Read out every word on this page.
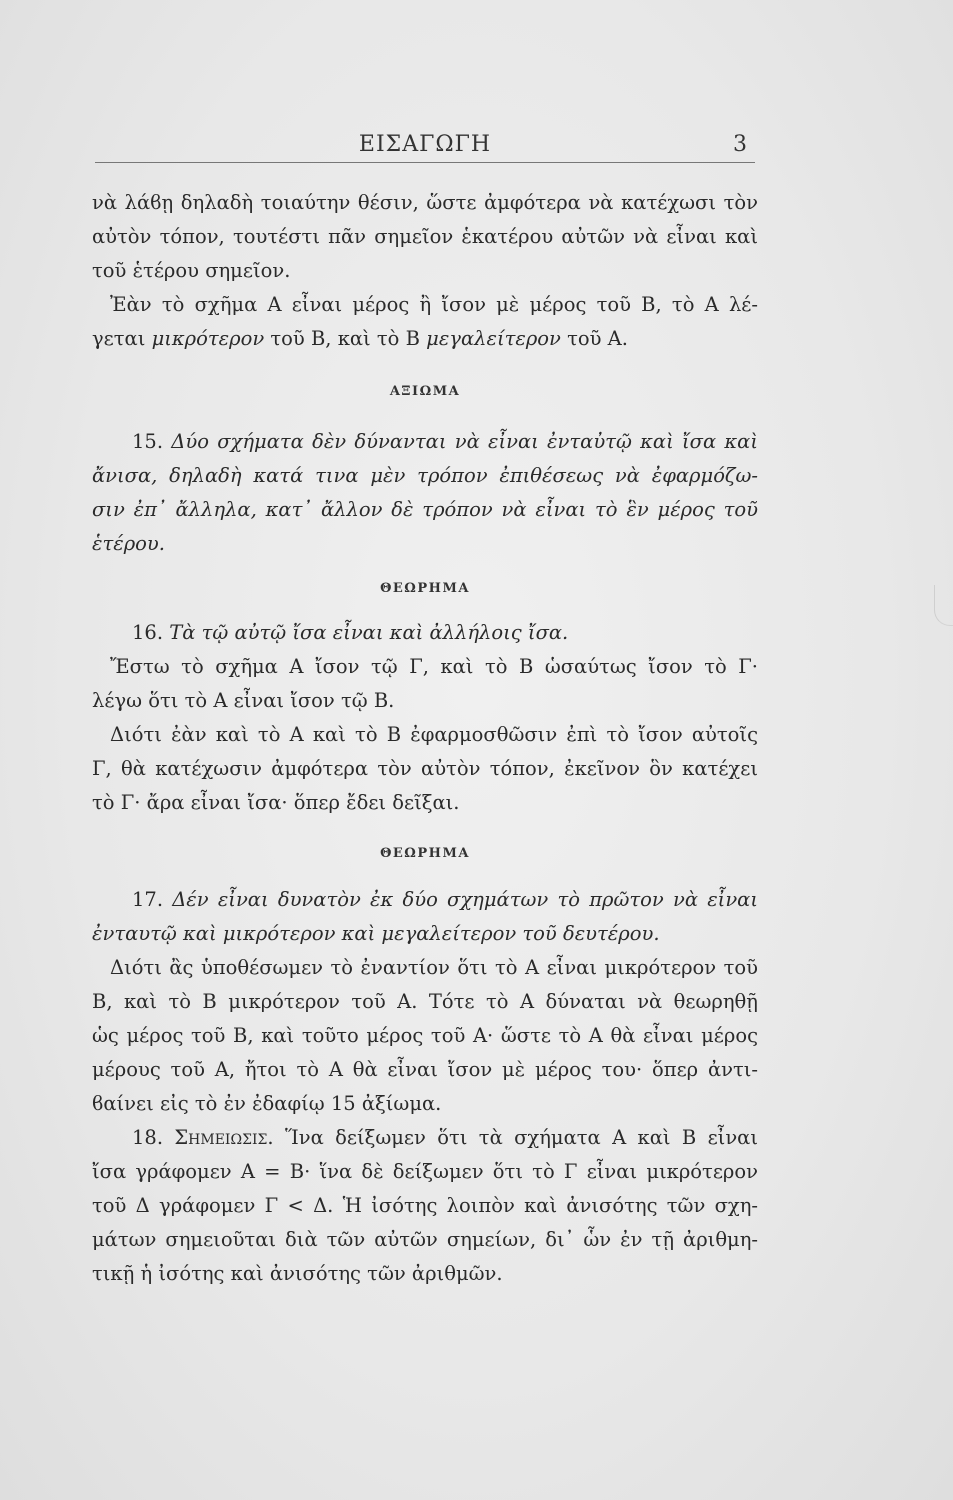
ΕΙΣΑΓΩΓΗ	3
νὰ λάϐῃ δηλαδὴ τοιαύτην θέσιν, ὥστε ἀμφότερα νὰ κατέχωσι τὸν
αὐτὸν τόπον, τουτέστι πᾶν σημεῖον ἑκατέρου αὐτῶν νὰ εἶναι καὶ
τοῦ ἑτέρου σημεῖον.
Ἐὰν τὸ σχῆμα Α εἶναι μέρος ἢ ἴσον μὲ μέρος τοῦ Β, τὸ Α λέ-
γεται μικρότερον τοῦ Β, καὶ τὸ Β μεγαλείτερον τοῦ Α.
ΑΞΙΩΜΑ
15. Δύο σχήματα δὲν δύνανται νὰ εἶναι ἐνταὐτῷ καὶ ἴσα καὶ
ἄνισα, δηλαδὴ κατά τινα μὲν τρόπον ἐπιθέσεως νὰ ἐφαρμόζω-
σιν ἐπ᾽ ἄλληλα, κατ᾽ ἄλλον δὲ τρόπον νὰ εἶναι τὸ ἓν μέρος τοῦ
ἑτέρου.
ΘΕΩΡΗΜΑ
16. Τὰ τῷ αὐτῷ ἴσα εἶναι καὶ ἀλλήλοις ἴσα.
Ἔστω τὸ σχῆμα Α ἴσον τῷ Γ, καὶ τὸ Β ὡσαύτως ἴσον τὸ Γ·
λέγω ὅτι τὸ Α εἶναι ἴσον τῷ Β.
Διότι ἐὰν καὶ τὸ Α καὶ τὸ Β ἐφαρμοσθῶσιν ἐπὶ τὸ ἴσον αὐτοῖς
Γ, θὰ κατέχωσιν ἀμφότερα τὸν αὐτὸν τόπον, ἐκεῖνον ὃν κατέχει
τὸ Γ· ἄρα εἶναι ἴσα· ὅπερ ἔδει δεῖξαι.
ΘΕΩΡΗΜΑ
17. Δέν εἶναι δυνατὸν ἐκ δύο σχημάτων τὸ πρῶτον νὰ εἶναι
ἐνταυτῷ καὶ μικρότερον καὶ μεγαλείτερον τοῦ δευτέρου.
Διότι ἂς ὑποθέσωμεν τὸ ἐναντίον ὅτι τὸ Α εἶναι μικρότερον τοῦ
Β, καὶ τὸ Β μικρότερον τοῦ Α. Τότε τὸ Α δύναται νὰ θεωρηθῇ
ὡς μέρος τοῦ Β, καὶ τοῦτο μέρος τοῦ Α· ὥστε τὸ Α θὰ εἶναι μέρος
μέρους τοῦ Α, ἤτοι τὸ Α θὰ εἶναι ἴσον μὲ μέρος του· ὅπερ ἀντι-
ϐαίνει εἰς τὸ ἐν ἐδαφίῳ 15 ἀξίωμα.
18. Σημειωσις. Ἵνα δείξωμεν ὅτι τὰ σχήματα Α καὶ Β εἶναι
ἴσα γράφομεν Α = Β· ἵνα δὲ δείξωμεν ὅτι τὸ Γ εἶναι μικρότερον
τοῦ Δ γράφομεν Γ < Δ. Ἡ ἰσότης λοιπὸν καὶ ἀνισότης τῶν σχη-
μάτων σημειοῦται διὰ τῶν αὐτῶν σημείων, δι᾽ ὧν ἐν τῇ ἀριθμη-
τικῇ ἡ ἰσότης καὶ ἀνισότης τῶν ἀριθμῶν.
